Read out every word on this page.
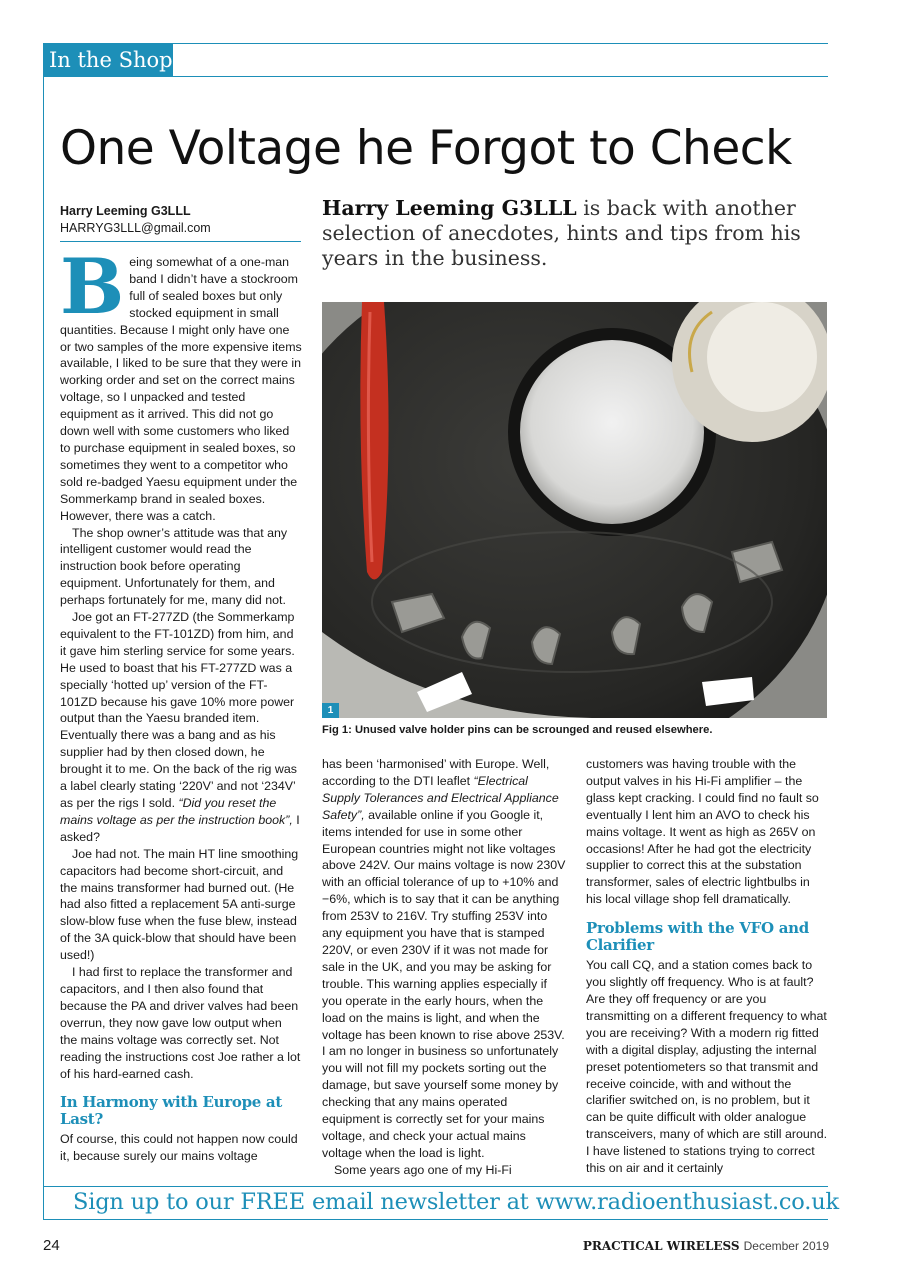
In the Shop
One Voltage he Forgot to Check
Harry Leeming G3LLL
HARRYG3LLL@gmail.com
Harry Leeming G3LLL is back with another selection of anecdotes, hints and tips from his years in the business.

Being somewhat of a one-man band I didn’t have a stockroom full of sealed boxes but only stocked equipment in small quantities. Because I might only have one or two samples of the more expensive items available, I liked to be sure that they were in working order and set on the correct mains voltage, so I unpacked and tested equipment as it arrived. This did not go down well with some customers who liked to purchase equipment in sealed boxes, so sometimes they went to a competitor who sold re-badged Yaesu equipment under the Sommerkamp brand in sealed boxes. However, there was a catch.

The shop owner’s attitude was that any intelligent customer would read the instruction book before operating equipment. Unfortunately for them, and perhaps fortunately for me, many did not.

Joe got an FT-277ZD (the Sommerkamp equivalent to the FT-101ZD) from him, and it gave him sterling service for some years. He used to boast that his FT-277ZD was a specially ‘hotted up’ version of the FT-101ZD because his gave 10% more power output than the Yaesu branded item. Eventually there was a bang and as his supplier had by then closed down, he brought it to me. On the back of the rig was a label clearly stating ‘220V’ and not ‘234V’ as per the rigs I sold. “Did you reset the mains voltage as per the instruction book”, I asked?

Joe had not. The main HT line smoothing capacitors had become short-circuit, and the mains transformer had burned out. (He had also fitted a replacement 5A anti-surge slow-blow fuse when the fuse blew, instead of the 3A quick-blow that should have been used!)

I had first to replace the transformer and capacitors, and I then also found that because the PA and driver valves had been overrun, they now gave low output when the mains voltage was correctly set. Not reading the instructions cost Joe rather a lot of his hard-earned cash.

In Harmony with Europe at Last?

Of course, this could not happen now could it, because surely our mains voltage

1
Fig 1: Unused valve holder pins can be scrounged and reused elsewhere.

has been ‘harmonised’ with Europe. Well, according to the DTI leaflet “Electrical Supply Tolerances and Electrical Appliance Safety”, available online if you Google it, items intended for use in some other European countries might not like voltages above 242V. Our mains voltage is now 230V with an official tolerance of up to +10% and −6%, which is to say that it can be anything from 253V to 216V. Try stuffing 253V into any equipment you have that is stamped 220V, or even 230V if it was not made for sale in the UK, and you may be asking for trouble. This warning applies especially if you operate in the early hours, when the load on the mains is light, and when the voltage has been known to rise above 253V. I am no longer in business so unfortunately you will not fill my pockets sorting out the damage, but save yourself some money by checking that any mains operated equipment is correctly set for your mains voltage, and check your actual mains voltage when the load is light.

Some years ago one of my Hi-Fi

customers was having trouble with the output valves in his Hi-Fi amplifier – the glass kept cracking. I could find no fault so eventually I lent him an AVO to check his mains voltage. It went as high as 265V on occasions! After he had got the electricity supplier to correct this at the substation transformer, sales of electric lightbulbs in his local village shop fell dramatically.

Problems with the VFO and Clarifier

You call CQ, and a station comes back to you slightly off frequency. Who is at fault? Are they off frequency or are you transmitting on a different frequency to what you are receiving? With a modern rig fitted with a digital display, adjusting the internal preset potentiometers so that transmit and receive coincide, with and without the clarifier switched on, is no problem, but it can be quite difficult with older analogue transceivers, many of which are still around. I have listened to stations trying to correct this on air and it certainly

Sign up to our FREE email newsletter at www.radioenthusiast.co.uk
24	PRACTICAL WIRELESS December 2019
